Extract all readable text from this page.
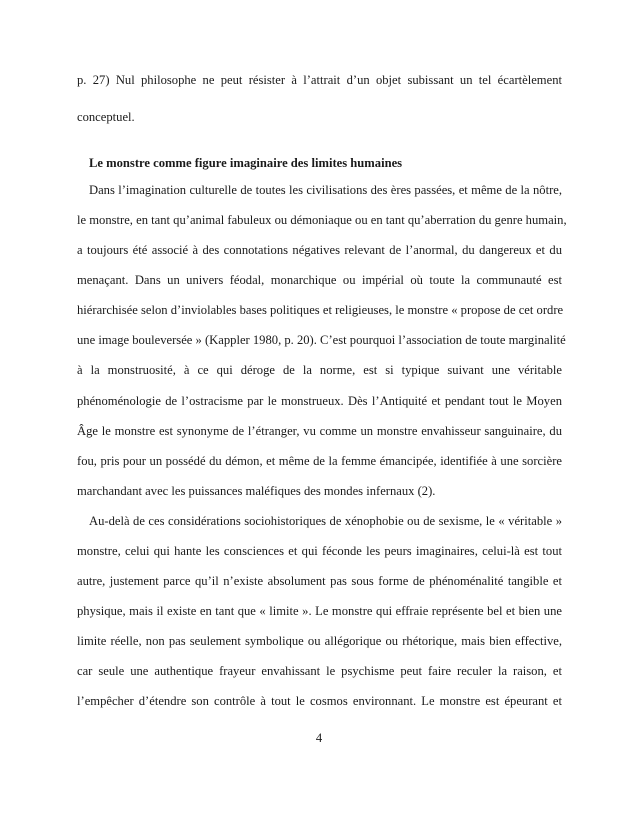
p. 27) Nul philosophe ne peut résister à l’attrait d’un objet subissant un tel écartèlement
conceptuel.
Le monstre comme figure imaginaire des limites humaines
Dans l’imagination culturelle de toutes les civilisations des ères passées, et même de la nôtre,
le monstre, en tant qu’animal fabuleux ou démoniaque ou en tant qu’aberration du genre humain,
a toujours été associé à des connotations négatives relevant de l’anormal, du dangereux et du
menaçant. Dans un univers féodal, monarchique ou impérial où toute la communauté est
hiérarchisée selon d’inviolables bases politiques et religieuses, le monstre « propose de cet ordre
une image bouleversée » (Kappler 1980, p. 20). C’est pourquoi l’association de toute marginalité
à la monstruosité, à ce qui déroge de la norme, est si typique suivant une véritable
phénoménologie de l’ostracisme par le monstrueux. Dès l’Antiquité et pendant tout le Moyen
Âge le monstre est synonyme de l’étranger, vu comme un monstre envahisseur sanguinaire, du
fou, pris pour un possédé du démon, et même de la femme émancipée, identifiée à une sorcière
marchandant avec les puissances maléfiques des mondes infernaux (2).
Au-delà de ces considérations sociohistoriques de xénophobie ou de sexisme, le « véritable »
monstre, celui qui hante les consciences et qui féconde les peurs imaginaires, celui-là est tout
autre, justement parce qu’il n’existe absolument pas sous forme de phénoménalité tangible et
physique, mais il existe en tant que « limite ». Le monstre qui effraie représente bel et bien une
limite réelle, non pas seulement symbolique ou allégorique ou rhétorique, mais bien effective,
car seule une authentique frayeur envahissant le psychisme peut faire reculer la raison, et
l’empêcher d’étendre son contrôle à tout le cosmos environnant. Le monstre est épeurant et
4
